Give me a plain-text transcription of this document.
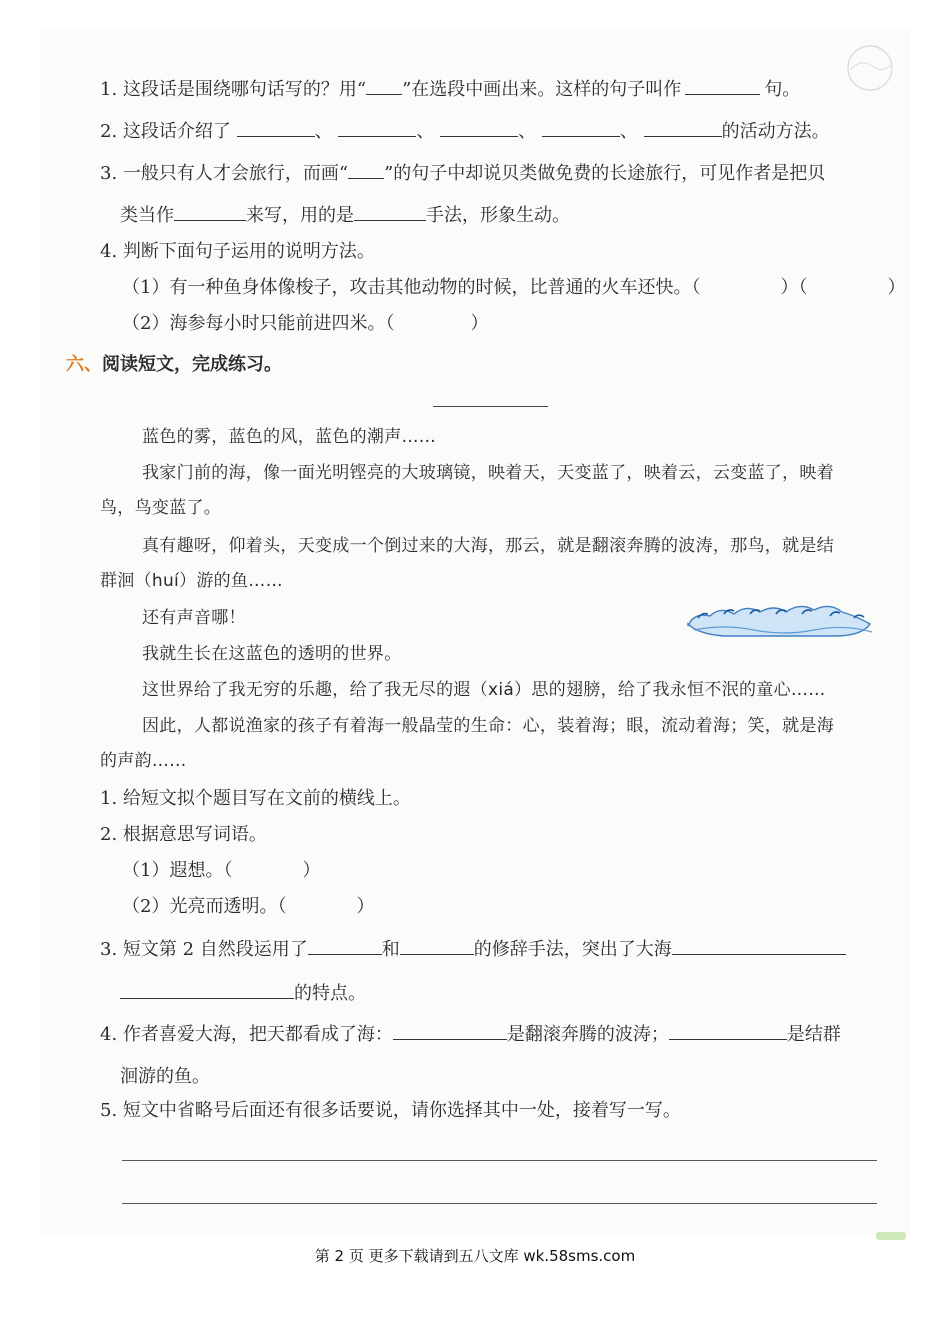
1. 这段话是围绕哪句话写的？用“ ”在选段中画出来。这样的句子叫作	句。
2. 这段话介绍了	、	、	、	、	的活动方法。
3. 一般只有人才会旅行，而画“ ”的句子中却说贝类做免费的长途旅行，可见作者是把贝
类当作	来写，用的是	手法，形象生动。
4. 判断下面句子运用的说明方法。
（1）有一种鱼身体像梭子，攻击其他动物的时候，比普通的火车还快。（	）（	）
（2）海参每小时只能前进四米。（	）
六、阅读短文，完成练习。
蓝色的雾，蓝色的风，蓝色的潮声……
我家门前的海，像一面光明铿亮的大玻璃镜，映着天，天变蓝了，映着云，云变蓝了，映着
鸟，鸟变蓝了。
真有趣呀，仰着头，天变成一个倒过来的大海，那云，就是翻滚奔腾的波涛，那鸟，就是结
群洄（huí）游的鱼……
还有声音哪！
我就生长在这蓝色的透明的世界。
这世界给了我无穷的乐趣，给了我无尽的遐（xiá）思的翅膀，给了我永恒不泯的童心……
因此，人都说渔家的孩子有着海一般晶莹的生命：心，装着海；眼，流动着海；笑，就是海
的声韵……
1. 给短文拟个题目写在文前的横线上。
2. 根据意思写词语。
（1）遐想。（	）
（2）光亮而透明。（	）
3. 短文第 2 自然段运用了	和	的修辞手法，突出了大海
的特点。
4. 作者喜爱大海，把天都看成了海：	是翻滚奔腾的波涛；	是结群
洄游的鱼。
5. 短文中省略号后面还有很多话要说，请你选择其中一处，接着写一写。
第 2 页 更多下载请到五八文库 wk.58sms.com
